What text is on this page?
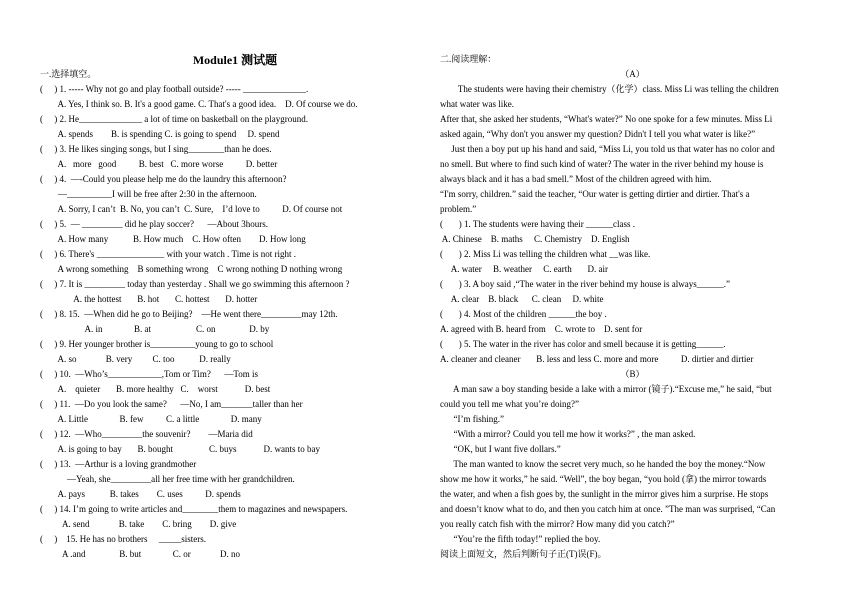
Module1 测试题
一.选择填空。
(     ) 1. ----- Why not go and play football outside? ----- ______________.
A. Yes, I think so. B. It's a good game. C. That's a good idea.    D. Of course we do.
(     ) 2. He______________ a lot of time on basketball on the playground.
A. spends        B. is spending C. is going to spend     D. spend
(     ) 3. He likes singing songs, but I sing________than he does.
A.   more   good          B. best   C. more worse          D. better
(     ) 4.  —-Could you please help me do the laundry this afternoon?
—__________I will be free after 2:30 in the afternoon.
A. Sorry, I can’t  B. No, you can’t  C. Sure,    I’d love to          D. Of course not
(     ) 5.  — _________ did he play soccer?      —About 3hours.
A. How many           B. How much    C. How often        D. How long
(     ) 6. There's _______________ with your watch . Time is not right .
A wrong something    B something wrong    C wrong nothing D nothing wrong
(     ) 7. It is _________ today than yesterday . Shall we go swimming this afternoon ?
A. the hottest       B. hot       C. hottest       D. hotter
(     ) 8. 15.  —When did he go to Beijing?    —He went there_________may 12th.
A. in              B. at                    C. on               D. by
(     ) 9. Her younger brother is__________young to go to school
A. so             B. very         C. too           D. really
(     ) 10.  —Who’s____________,Tom or Tim?      —Tom is
A.    quieter       B. more healthy   C.    worst            D. best
(     ) 11.  —Do you look the same?      —No, I am_______taller than her
A. Little              B. few          C. a little              D. many
(     ) 12.  —Who_________the souvenir?        —Maria did
A. is going to bay       B. bought                C. buys            D. wants to bay
(     ) 13.  —Arthur is a loving grandmother
—Yeah, she_________all her free time with her grandchildren.
A. pays           B. takes        C. uses          D. spends
(     ) 14. I’m going to write articles and________them to magazines and newspapers.
A. send             B. take        C. bring        D. give
(     )    15. He has no brothers     _____sisters.
A .and               B. but              C. or             D. no
二.阅读理解：
（A）
The students were having their chemistry（化学）class. Miss Li was telling the children
what water was like.
After that, she asked her students, “What's water?” No one spoke for a few minutes. Miss Li
asked again, “Why don't you answer my question? Didn't I tell you what water is like?”
Just then a boy put up his hand and said, “Miss Li, you told us that water has no color and
no smell. But where to find such kind of water? The water in the river behind my house is
always black and it has a bad smell.” Most of the children agreed with him.
“I'm sorry, children.” said the teacher, “Our water is getting dirtier and dirtier. That's a
problem.”
(       ) 1. The students were having their ______class .
A. Chinese    B. maths     C. Chemistry    D. English
(       ) 2. Miss Li was telling the children what __was like.
A. water     B. weather     C. earth       D. air
(       ) 3. A boy said ,“The water in the river behind my house is always______.”
A. clear    B. black      C. clean     D. white
(       ) 4. Most of the children ______the boy .
A. agreed with B. heard from    C. wrote to    D. sent for
(       ) 5. The water in the river has color and smell because it is getting______.
A. cleaner and cleaner       B. less and less C. more and more          D. dirtier and dirtier
（B）
A man saw a boy standing beside a lake with a mirror (镜子).“Excuse me,” he said, “but
could you tell me what you’re doing?”
“I’m fishing.”
“With a mirror? Could you tell me how it works?” , the man asked.
“OK, but I want five dollars.”
The man wanted to know the secret very much, so he handed the boy the money.“Now
show me how it works,” he said. “Well”, the boy began, “you hold (拿) the mirror towards
the water, and when a fish goes by, the sunlight in the mirror gives him a surprise. He stops
and doesn’t know what to do, and then you catch him at once. ”The man was surprised, “Can
you really catch fish with the mirror? How many did you catch?”
“You’re the fifth today!” replied the boy.
阅读上面短文，然后判断句子正(T)误(F)。
